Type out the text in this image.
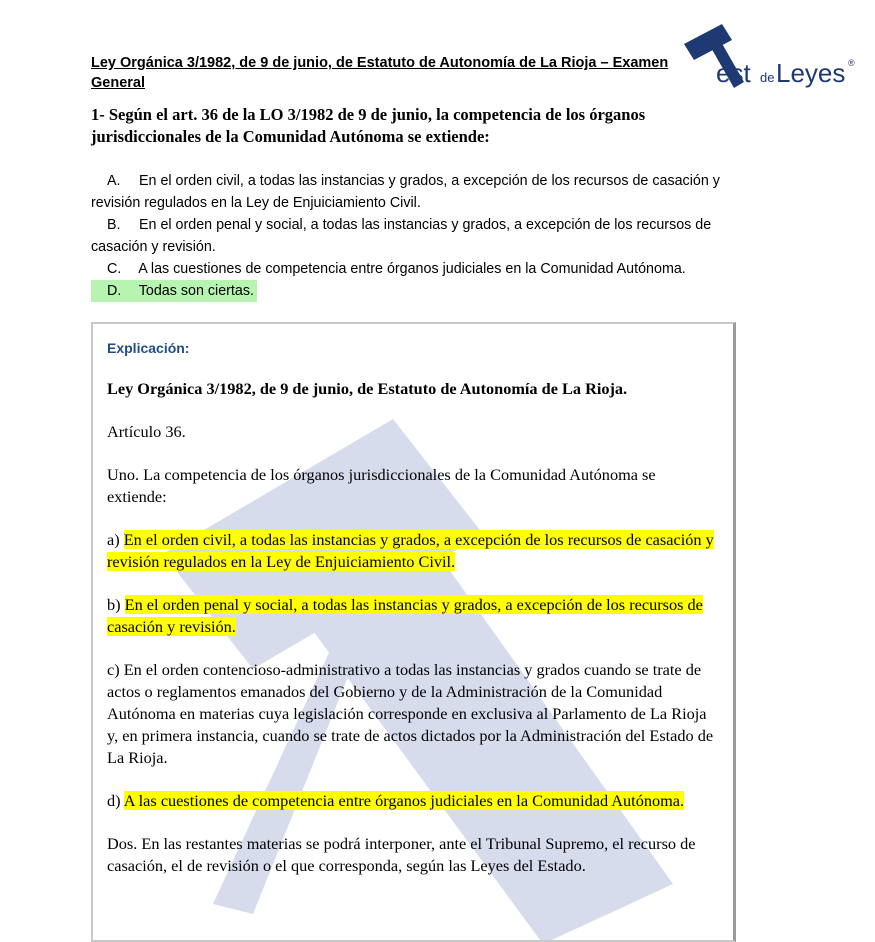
Ley Orgánica 3/1982, de 9 de junio, de Estatuto de Autonomía de La Rioja – Examen General	est de Leyes ®
1- Según el art. 36 de la LO 3/1982 de 9 de junio, la competencia de los órganos jurisdiccionales de la Comunidad Autónoma se extiende:
A. En el orden civil, a todas las instancias y grados, a excepción de los recursos de casación y revisión regulados en la Ley de Enjuiciamiento Civil.
B. En el orden penal y social, a todas las instancias y grados, a excepción de los recursos de casación y revisión.
C. A las cuestiones de competencia entre órganos judiciales en la Comunidad Autónoma.
D. Todas son ciertas.
Explicación:

Ley Orgánica 3/1982, de 9 de junio, de Estatuto de Autonomía de La Rioja.

Artículo 36.

Uno. La competencia de los órganos jurisdiccionales de la Comunidad Autónoma se extiende:

a) En el orden civil, a todas las instancias y grados, a excepción de los recursos de casación y revisión regulados en la Ley de Enjuiciamiento Civil.

b) En el orden penal y social, a todas las instancias y grados, a excepción de los recursos de casación y revisión.

c) En el orden contencioso-administrativo a todas las instancias y grados cuando se trate de actos o reglamentos emanados del Gobierno y de la Administración de la Comunidad Autónoma en materias cuya legislación corresponde en exclusiva al Parlamento de La Rioja y, en primera instancia, cuando se trate de actos dictados por la Administración del Estado de La Rioja.

d) A las cuestiones de competencia entre órganos judiciales en la Comunidad Autónoma.

Dos. En las restantes materias se podrá interponer, ante el Tribunal Supremo, el recurso de casación, el de revisión o el que corresponda, según las Leyes del Estado.
